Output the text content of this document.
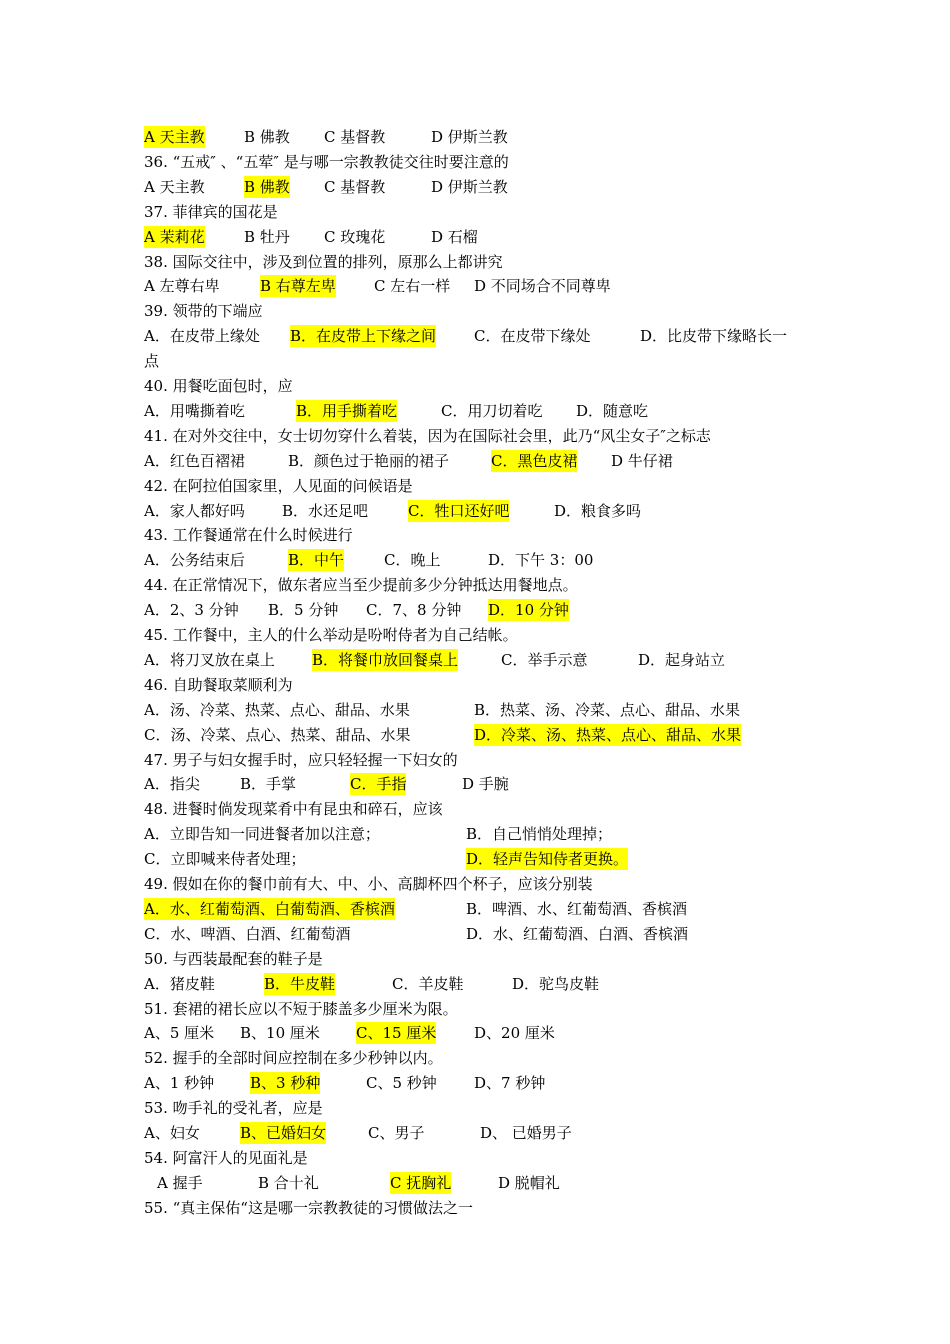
A 天主教	B 佛教 C 基督教	D 伊斯兰教
36. “五戒″ 、“五荤″ 是与哪一宗教教徒交往时要注意的
A 天主教	B 佛教 C 基督教	D 伊斯兰教
37. 菲律宾的国花是
A 茉莉花	B 牡丹 C 玫瑰花	D 石榴
38. 国际交往中，涉及到位置的排列，原那么上都讲究
A 左尊右卑	B 右尊左卑	C 左右一样 D 不同场合不同尊卑
39. 领带的下端应
A．在皮带上缘处 B．在皮带上下缘之间	C．在皮带下缘处	D．比皮带下缘略长一
点
40. 用餐吃面包时，应
A．用嘴撕着吃	B．用手撕着吃	C．用刀切着吃 D．随意吃
41. 在对外交往中，女士切勿穿什么着装，因为在国际社会里，此乃“风尘女子″之标志
A．红色百褶裙	B．颜色过于艳丽的裙子	C．黑色皮裙 D 牛仔裙
42. 在阿拉伯国家里，人见面的问候语是
A．家人都好吗 B．水还足吧	C．牲口还好吧	D．粮食多吗
43. 工作餐通常在什么时候进行
A．公务结束后	B．中午	C．晚上	D．下午 3：00
44. 在正常情况下，做东者应当至少提前多少分钟抵达用餐地点。
A．2、3 分钟 B．5 分钟 C．7、8 分钟 D．10 分钟
45. 工作餐中，主人的什么举动是吩咐侍者为自己结帐。
A．将刀叉放在桌上 B．将餐巾放回餐桌上	C．举手示意	D．起身站立
46. 自助餐取菜顺利为
A．汤、冷菜、热菜、点心、甜品、水果	B．热菜、汤、冷菜、点心、甜品、水果
C．汤、冷菜、点心、热菜、甜品、水果	D．冷菜、汤、热菜、点心、甜品、水果
47. 男子与妇女握手时，应只轻轻握一下妇女的
A．指尖	B．手掌	C．手指	D 手腕
48. 进餐时倘发现菜肴中有昆虫和碎石，应该
A．立即告知一同进餐者加以注意；	B．自己悄悄处理掉；
C．立即喊来侍者处理；	D．轻声告知侍者更换。
49. 假如在你的餐巾前有大、中、小、高脚杯四个杯子，应该分别装
A．水、红葡萄酒、白葡萄酒、香槟酒	B．啤酒、水、红葡萄酒、香槟酒
C．水、啤酒、白酒、红葡萄酒	D．水、红葡萄酒、白酒、香槟酒
50. 与西装最配套的鞋子是
A．猪皮鞋	B．牛皮鞋	C．羊皮鞋	D．驼鸟皮鞋
51. 套裙的裙长应以不短于膝盖多少厘米为限。
A、5 厘米 B、10 厘米 C、15 厘米	D、20 厘米
52. 握手的全部时间应控制在多少秒钟以内。
A、1 秒钟 B、3 秒种	C、5 秒钟 D、7 秒钟
53. 吻手礼的受礼者，应是
A、妇女	B、已婚妇女	C、男子	D、 已婚男子
54. 阿富汗人的见面礼是
A 握手	B 合十礼	C 抚胸礼	D 脱帽礼
55. “真主保佑“这是哪一宗教教徒的习惯做法之一
